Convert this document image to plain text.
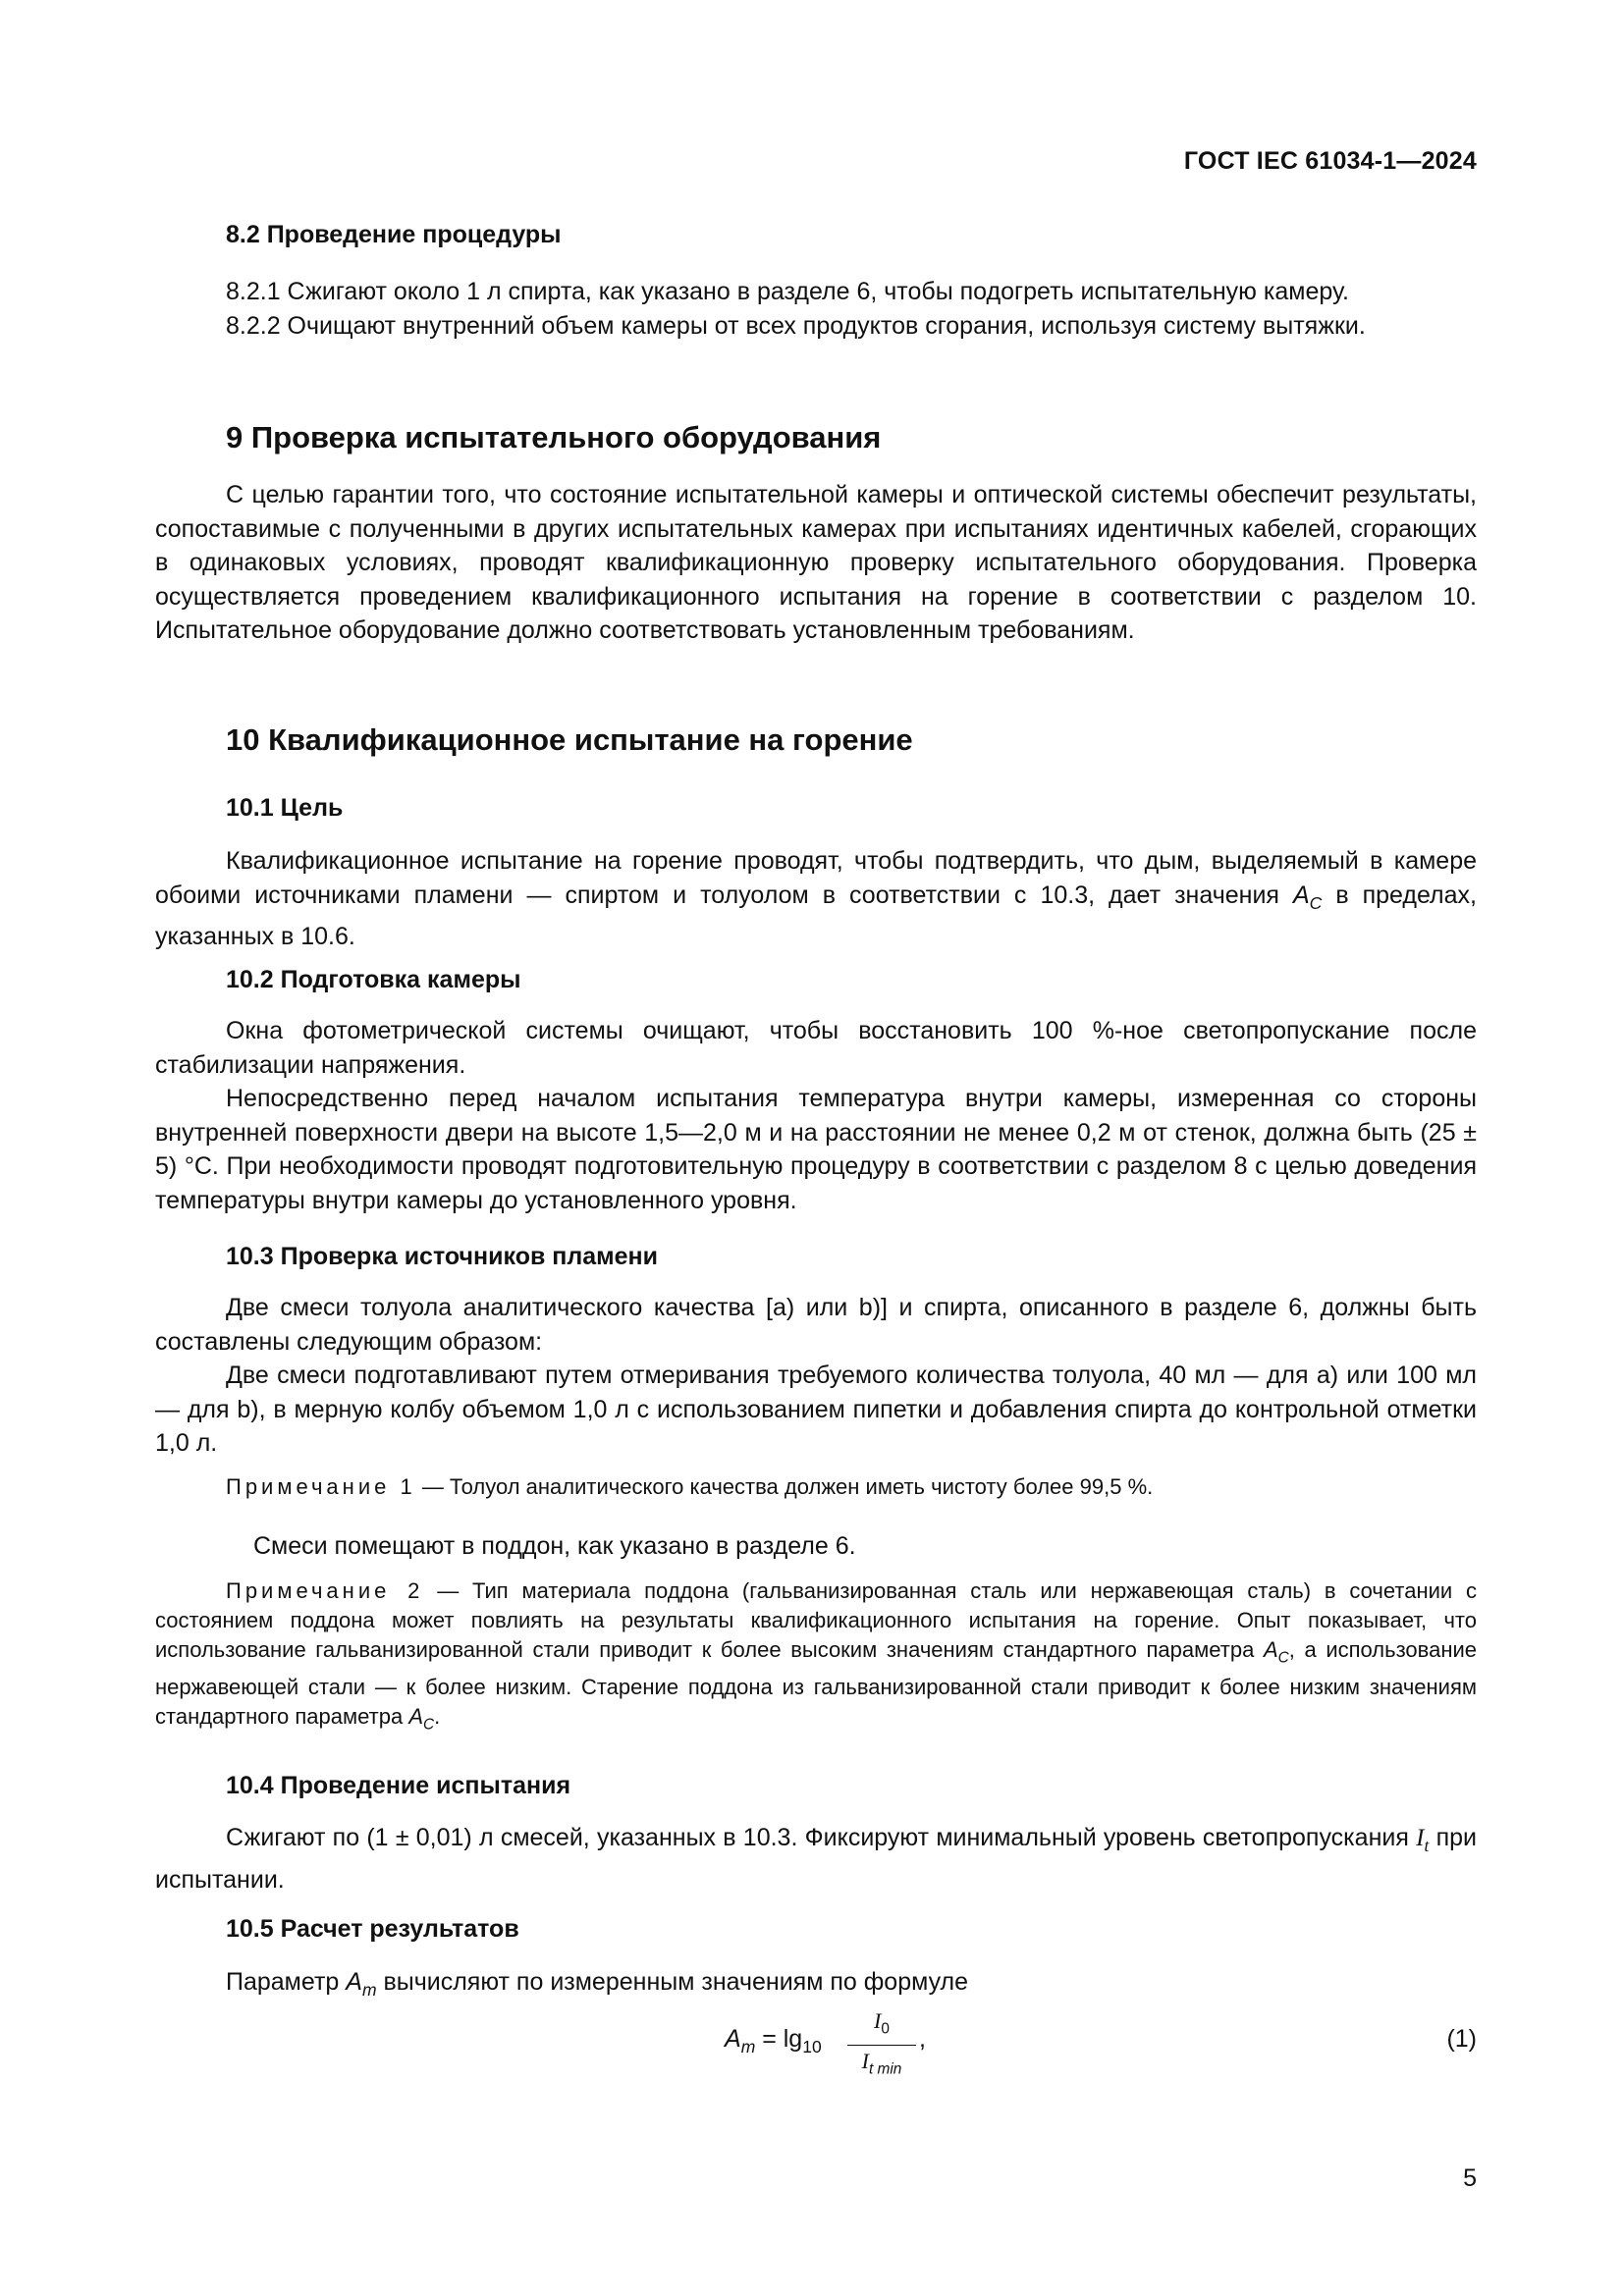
ГОСТ IEC 61034-1—2024
8.2 Проведение процедуры

8.2.1 Сжигают около 1 л спирта, как указано в разделе 6, чтобы подогреть испытательную камеру.

8.2.2 Очищают внутренний объем камеры от всех продуктов сгорания, используя систему вытяжки.

9 Проверка испытательного оборудования

С целью гарантии того, что состояние испытательной камеры и оптической системы обеспечит результаты, сопоставимые с полученными в других испытательных камерах при испытаниях идентичных кабелей, сгорающих в одинаковых условиях, проводят квалификационную проверку испытательного оборудования. Проверка осуществляется проведением квалификационного испытания на горение в соответствии с разделом 10. Испытательное оборудование должно соответствовать установленным требованиям.

10 Квалификационное испытание на горение
10.1 Цель

Квалификационное испытание на горение проводят, чтобы подтвердить, что дым, выделяемый в камере обоими источниками пламени — спиртом и толуолом в соответствии с 10.3, дает значения $A_C$ в пределах, указанных в 10.6.

10.2 Подготовка камеры

Окна фотометрической системы очищают, чтобы восстановить 100 %-ное светопропускание после стабилизации напряжения.

Непосредственно перед началом испытания температура внутри камеры, измеренная со стороны внутренней поверхности двери на высоте 1,5—2,0 м и на расстоянии не менее 0,2 м от стенок, должна быть (25 ± 5) °С. При необходимости проводят подготовительную процедуру в соответствии с разделом 8 с целью доведения температуры внутри камеры до установленного уровня.

10.3 Проверка источников пламени

Две смеси толуола аналитического качества [а) или b)] и спирта, описанного в разделе 6, должны быть составлены следующим образом:

Две смеси подготавливают путем отмеривания требуемого количества толуола, 40 мл — для а) или 100 мл — для b), в мерную колбу объемом 1,0 л с использованием пипетки и добавления спирта до контрольной отметки 1,0 л.

Примечание 1 — Толуол аналитического качества должен иметь чистоту более 99,5 %.

Смеси помещают в поддон, как указано в разделе 6.

Примечание 2 — Тип материала поддона (гальванизированная сталь или нержавеющая сталь) в сочетании с состоянием поддона может повлиять на результаты квалификационного испытания на горение. Опыт показывает, что использование гальванизированной стали приводит к более высоким значениям стандартного параметра $A_C$, а использование нержавеющей стали — к более низким. Старение поддона из гальванизированной стали приводит к более низким значениям стандартного параметра $A_C$.

10.4 Проведение испытания

Сжигают по (1 ± 0,01) л смесей, указанных в 10.3. Фиксируют минимальный уровень светопропускания $I_t$ при испытании.

10.5 Расчет результатов

Параметр $A_m$ вычисляют по измеренным значениям по формуле

$A_m = \lg_{10}$
$I_0$
$I_{t min}$
,	(1)
5
